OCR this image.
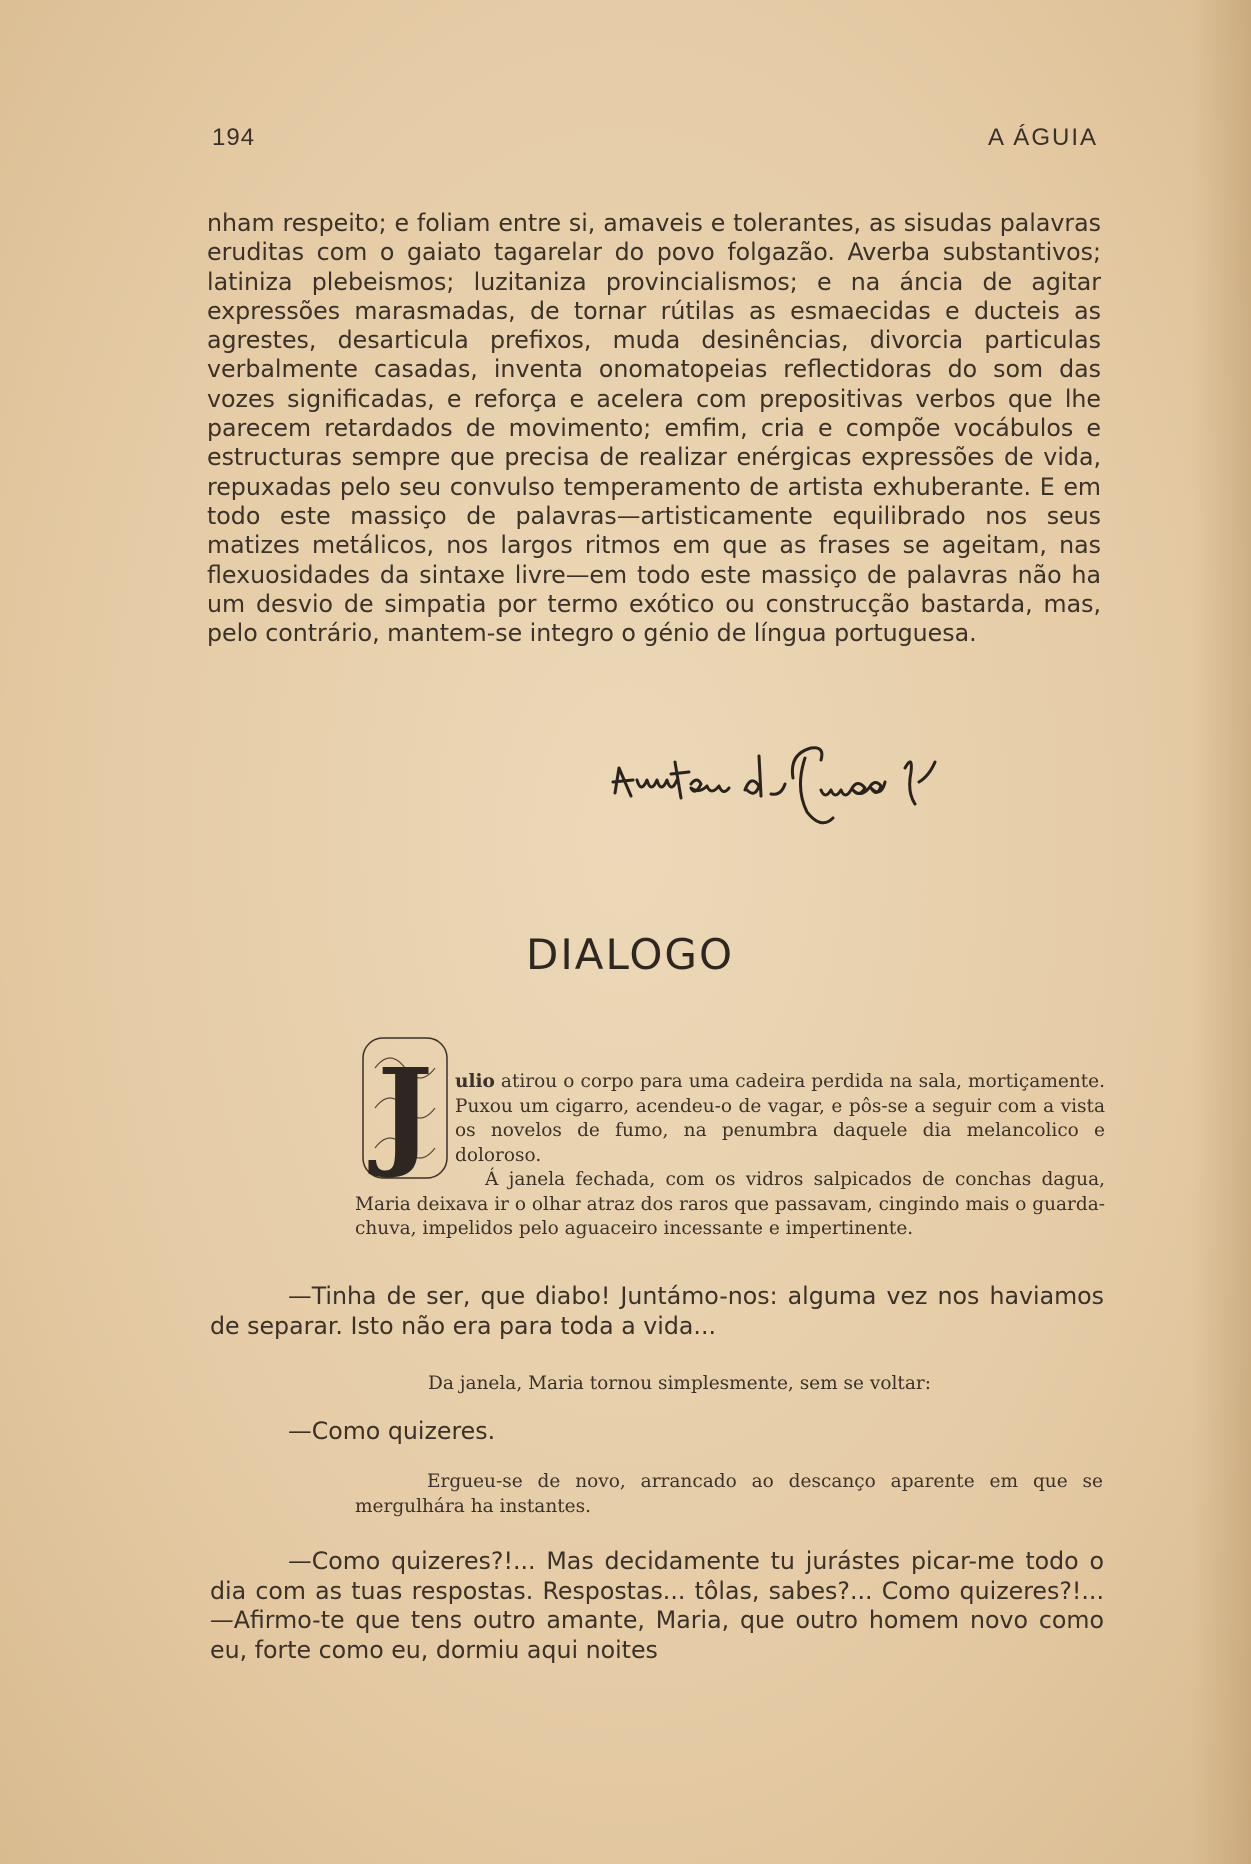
194	A ÁGUIA

nham respeito; e foliam entre si, amaveis e tolerantes, as sisudas palavras eruditas com o gaiato tagarelar do povo folgazão. Averba substantivos; latiniza plebeismos; luzitaniza provincialismos; e na áncia de agitar expressões marasmadas, de tornar rútilas as esmaecidas e ducteis as agrestes, desarticula prefixos, muda desinências, divorcia particulas verbalmente casadas, inventa onomatopeias reflectidoras do som das vozes significadas, e reforça e acelera com prepositivas verbos que lhe parecem retardados de movimento; emfim, cria e compõe vocábulos e estructuras sempre que precisa de realizar enérgicas expressões de vida, repuxadas pelo seu convulso temperamento de artista exhuberante. E em todo este massiço de palavras—artisticamente equilibrado nos seus matizes metálicos, nos largos ritmos em que as frases se ageitam, nas flexuosidades da sintaxe livre—em todo este massiço de palavras não ha um desvio de simpatia por termo exótico ou construcção bastarda, mas, pelo contrário, mantem-se integro o génio de língua portuguesa.

DIALOGO
J ulio atirou o corpo para uma cadeira perdida na sala, mortiçamente. Puxou um cigarro, acendeu-o de vagar, e pôs-se a seguir com a vista os novelos de fumo, na penumbra daquele dia melancolico e doloroso.

Á janela fechada, com os vidros salpicados de conchas dagua, Maria deixava ir o olhar atraz dos raros que passavam, cingindo mais o guarda-chuva, impelidos pelo aguaceiro incessante e impertinente.

—Tinha de ser, que diabo! Juntámo-nos: alguma vez nos haviamos de separar. Isto não era para toda a vida...

Da janela, Maria tornou simplesmente, sem se voltar:

—Como quizeres.

Ergueu-se de novo, arrancado ao descanço aparente em que se mergulhára ha instantes.

—Como quizeres?!... Mas decidamente tu jurástes picar-me todo o dia com as tuas respostas. Respostas... tôlas, sabes?... Como quizeres?!...—Afirmo-te que tens outro amante, Maria, que outro homem novo como eu, forte como eu, dormiu aqui noites
